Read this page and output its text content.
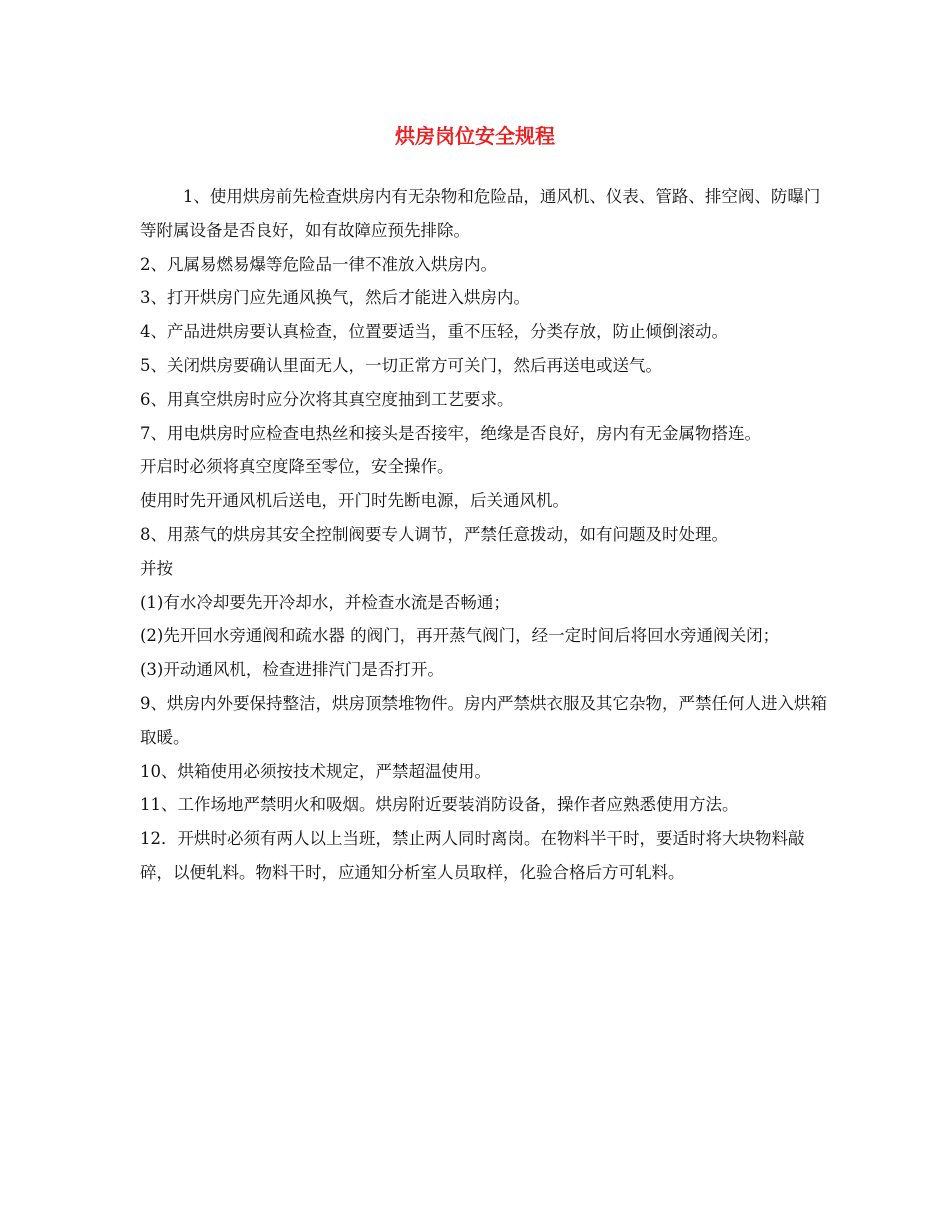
烘房岗位安全规程

1、使用烘房前先检查烘房内有无杂物和危险品，通风机、仪表、管路、排空阀、防曝门等附属设备是否良好，如有故障应预先排除。

2、凡属易燃易爆等危险品一律不准放入烘房内。

3、打开烘房门应先通风换气，然后才能进入烘房内。

4、产品进烘房要认真检查，位置要适当，重不压轻，分类存放，防止倾倒滚动。

5、关闭烘房要确认里面无人，一切正常方可关门，然后再送电或送气。

6、用真空烘房时应分次将其真空度抽到工艺要求。

7、用电烘房时应检查电热丝和接头是否接牢，绝缘是否良好，房内有无金属物搭连。

开启时必须将真空度降至零位，安全操作。

使用时先开通风机后送电，开门时先断电源，后关通风机。

8、用蒸气的烘房其安全控制阀要专人调节，严禁任意拨动，如有问题及时处理。

并按

(1)有水冷却要先开冷却水，并检查水流是否畅通；

(2)先开回水旁通阀和疏水器 的阀门，再开蒸气阀门，经一定时间后将回水旁通阀关闭；

(3)开动通风机，检查进排汽门是否打开。

9、烘房内外要保持整洁，烘房顶禁堆物件。房内严禁烘衣服及其它杂物，严禁任何人进入烘箱取暖。

10、烘箱使用必须按技术规定，严禁超温使用。

11、工作场地严禁明火和吸烟。烘房附近要装消防设备，操作者应熟悉使用方法。

12．开烘时必须有两人以上当班，禁止两人同时离岗。在物料半干时，要适时将大块物料敲碎，以便轧料。物料干时，应通知分析室人员取样，化验合格后方可轧料。
